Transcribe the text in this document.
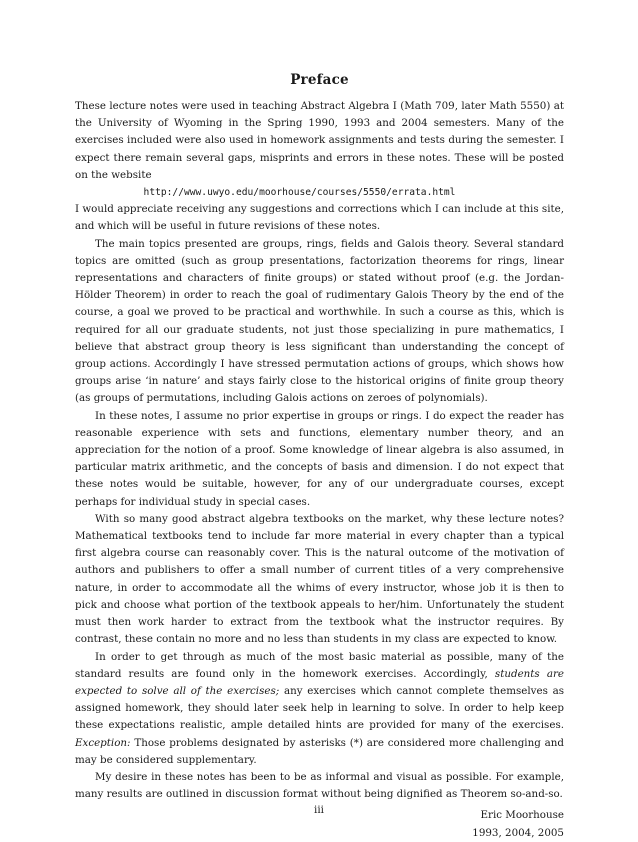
Preface

These lecture notes were used in teaching Abstract Algebra I (Math 709, later Math 5550) at the University of Wyoming in the Spring 1990, 1993 and 2004 semesters. Many of the exercises included were also used in homework assignments and tests during the semester. I expect there remain several gaps, misprints and errors in these notes. These will be posted on the website

http://www.uwyo.edu/moorhouse/courses/5550/errata.html

I would appreciate receiving any suggestions and corrections which I can include at this site, and which will be useful in future revisions of these notes.

The main topics presented are groups, rings, fields and Galois theory. Several standard topics are omitted (such as group presentations, factorization theorems for rings, linear representations and characters of finite groups) or stated without proof (e.g. the Jordan-Hölder Theorem) in order to reach the goal of rudimentary Galois Theory by the end of the course, a goal we proved to be practical and worthwhile. In such a course as this, which is required for all our graduate students, not just those specializing in pure mathematics, I believe that abstract group theory is less significant than understanding the concept of group actions. Accordingly I have stressed permutation actions of groups, which shows how groups arise ‘in nature’ and stays fairly close to the historical origins of finite group theory (as groups of permutations, including Galois actions on zeroes of polynomials).

In these notes, I assume no prior expertise in groups or rings. I do expect the reader has reasonable experience with sets and functions, elementary number theory, and an appreciation for the notion of a proof. Some knowledge of linear algebra is also assumed, in particular matrix arithmetic, and the concepts of basis and dimension. I do not expect that these notes would be suitable, however, for any of our undergraduate courses, except perhaps for individual study in special cases.

With so many good abstract algebra textbooks on the market, why these lecture notes? Mathematical textbooks tend to include far more material in every chapter than a typical first algebra course can reasonably cover. This is the natural outcome of the motivation of authors and publishers to offer a small number of current titles of a very comprehensive nature, in order to accommodate all the whims of every instructor, whose job it is then to pick and choose what portion of the textbook appeals to her/him. Unfortunately the student must then work harder to extract from the textbook what the instructor requires. By contrast, these contain no more and no less than students in my class are expected to know.

In order to get through as much of the most basic material as possible, many of the standard results are found only in the homework exercises. Accordingly, students are expected to solve all of the exercises; any exercises which cannot complete themselves as assigned homework, they should later seek help in learning to solve. In order to help keep these expectations realistic, ample detailed hints are provided for many of the exercises. Exception: Those problems designated by asterisks (*) are considered more challenging and may be considered supplementary.

My desire in these notes has been to be as informal and visual as possible. For example, many results are outlined in discussion format without being dignified as Theorem so-and-so.

Eric Moorhouse
1993, 2004, 2005
iii
